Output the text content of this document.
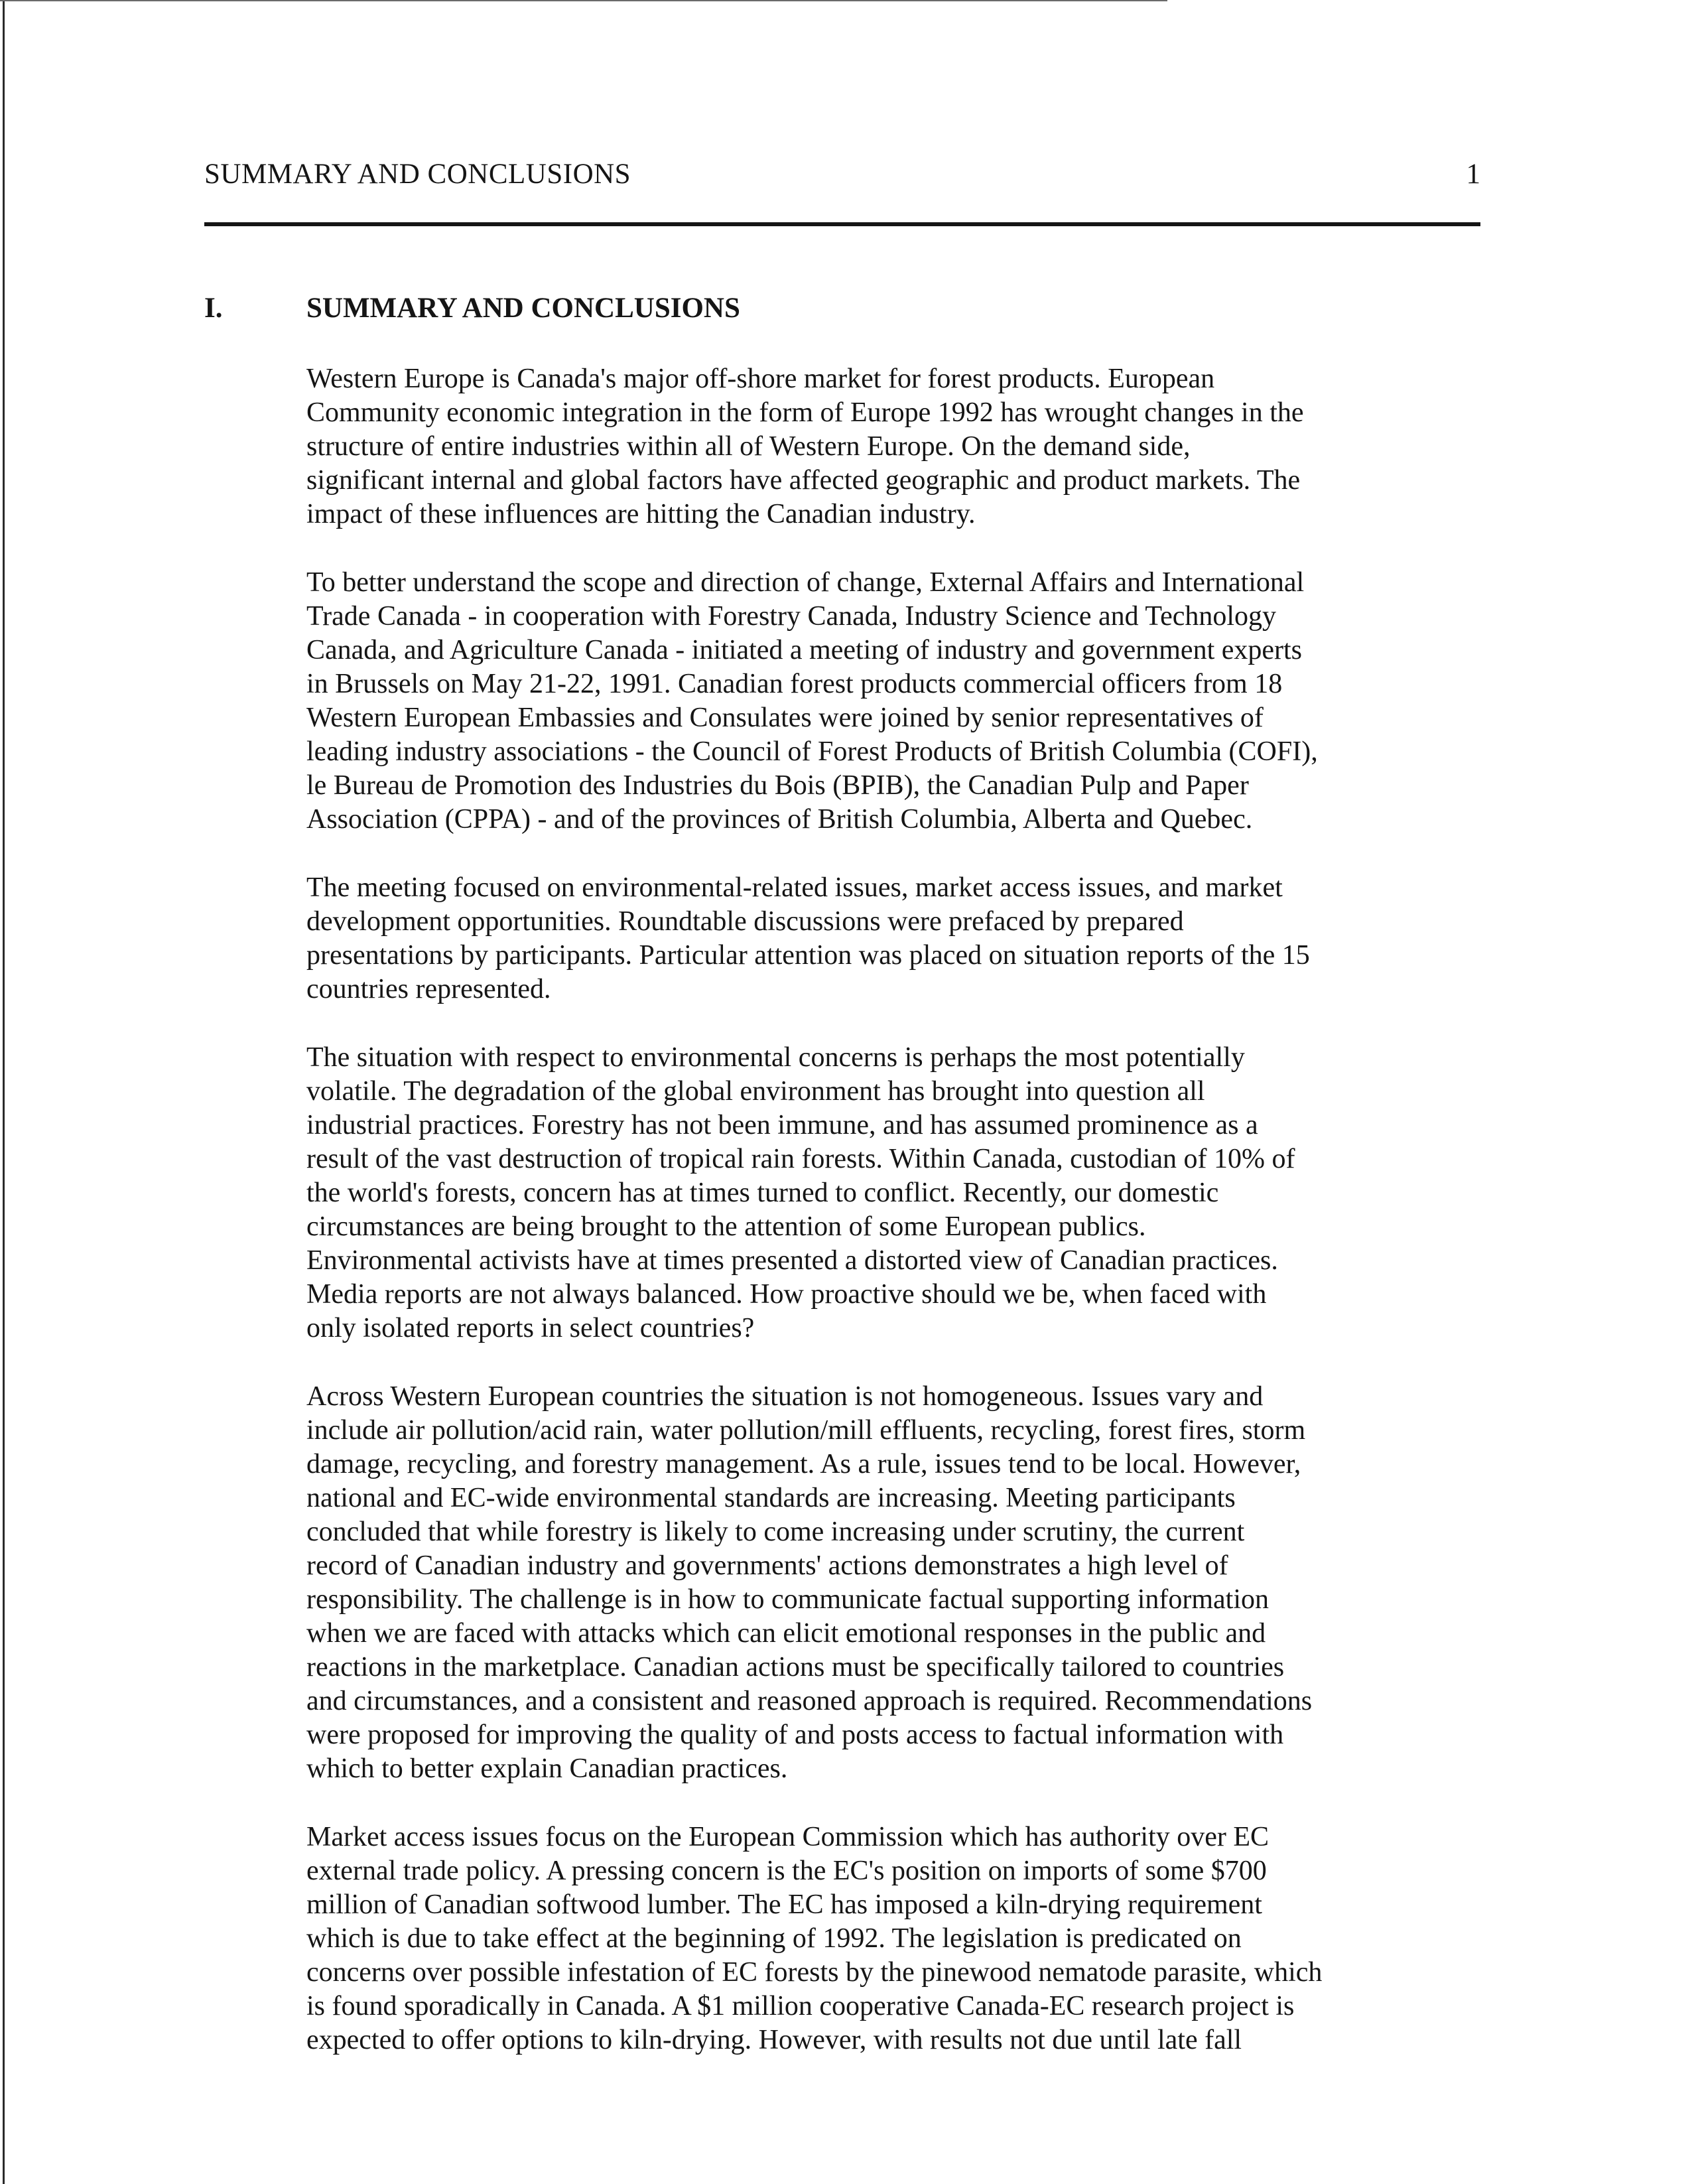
SUMMARY AND CONCLUSIONS	1
I.	SUMMARY AND CONCLUSIONS

Western Europe is Canada's major off-shore market for forest products. European
Community economic integration in the form of Europe 1992 has wrought changes in the
structure of entire industries within all of Western Europe. On the demand side,
significant internal and global factors have affected geographic and product markets. The
impact of these influences are hitting the Canadian industry.

To better understand the scope and direction of change, External Affairs and International
Trade Canada - in cooperation with Forestry Canada, Industry Science and Technology
Canada, and Agriculture Canada - initiated a meeting of industry and government experts
in Brussels on May 21-22, 1991. Canadian forest products commercial officers from 18
Western European Embassies and Consulates were joined by senior representatives of
leading industry associations - the Council of Forest Products of British Columbia (COFI),
le Bureau de Promotion des Industries du Bois (BPIB), the Canadian Pulp and Paper
Association (CPPA) - and of the provinces of British Columbia, Alberta and Quebec.

The meeting focused on environmental-related issues, market access issues, and market
development opportunities. Roundtable discussions were prefaced by prepared
presentations by participants. Particular attention was placed on situation reports of the 15
countries represented.

The situation with respect to environmental concerns is perhaps the most potentially
volatile. The degradation of the global environment has brought into question all
industrial practices. Forestry has not been immune, and has assumed prominence as a
result of the vast destruction of tropical rain forests. Within Canada, custodian of 10% of
the world's forests, concern has at times turned to conflict. Recently, our domestic
circumstances are being brought to the attention of some European publics.
Environmental activists have at times presented a distorted view of Canadian practices.
Media reports are not always balanced. How proactive should we be, when faced with
only isolated reports in select countries?

Across Western European countries the situation is not homogeneous. Issues vary and
include air pollution/acid rain, water pollution/mill effluents, recycling, forest fires, storm
damage, recycling, and forestry management. As a rule, issues tend to be local. However,
national and EC-wide environmental standards are increasing. Meeting participants
concluded that while forestry is likely to come increasing under scrutiny, the current
record of Canadian industry and governments' actions demonstrates a high level of
responsibility. The challenge is in how to communicate factual supporting information
when we are faced with attacks which can elicit emotional responses in the public and
reactions in the marketplace. Canadian actions must be specifically tailored to countries
and circumstances, and a consistent and reasoned approach is required. Recommendations
were proposed for improving the quality of and posts access to factual information with
which to better explain Canadian practices.

Market access issues focus on the European Commission which has authority over EC
external trade policy. A pressing concern is the EC's position on imports of some $700
million of Canadian softwood lumber. The EC has imposed a kiln-drying requirement
which is due to take effect at the beginning of 1992. The legislation is predicated on
concerns over possible infestation of EC forests by the pinewood nematode parasite, which
is found sporadically in Canada. A $1 million cooperative Canada-EC research project is
expected to offer options to kiln-drying. However, with results not due until late fall
